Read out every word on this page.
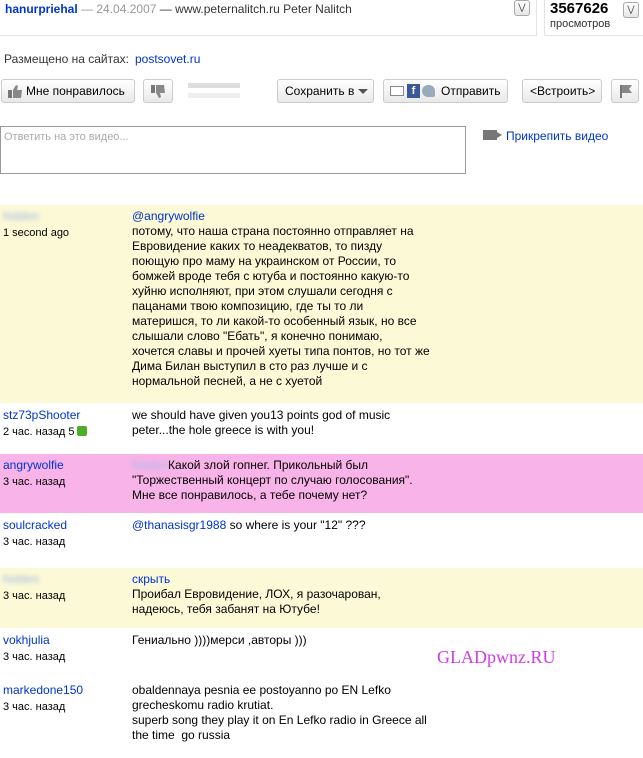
hanurpriehal — 24.04.2007 — www.peternalitch.ru Peter Nalitch	⋁ 3567626
просмотров
⋁
Размещено на сайтах: postsovet.ru
Мне понравилось	Сохранить в	f	Отправить <Встроить>
Ответить на это видео...	Прикрепить видео
hidden
1 second ago
@angrywolfie
потому, что наша страна постоянно отправляет на
Евровидение каких то неадекватов, то пизду
поющую про маму на украинском от России, то
бомжей вроде тебя с ютуба и постоянно какую-то
хуйню исполняют, при этом слушали сегодня с
пацанами твою композицию, где ты то ли
материшся, то ли какой-то особенный язык, но все
слышали слово "Ебать", я конечно понимаю,
хочется славы и прочей хуеты типа понтов, но тот же
Дима Билан выступил в сто раз лучше и с
нормальной песней, а не с хуетой
stz73pShooter
2 час. назад 5
we should have given you13 points god of music
peter...the hole greece is with you!
angrywolfie
3 час. назад
hiddenКакой злой гопнег. Прикольный был
"Торжественный концерт по случаю голосования".
Мне все понравилось, а тебе почему нет?
soulcracked
3 час. назад
@thanasisgr1988 so where is your "12" ???
hidden
3 час. назад
скрыть
Проибал Евровидение, ЛОХ, я разочарован,
надеюсь, тебя забанят на Ютубе!
vokhjulia
3 час. назад
Гениально ))))мерси ,авторы )))
markedone150
3 час. назад
obaldennaya pesnia ee postoyanno po EN Lefko
grecheskomu radio krutiat.
superb song they play it on En Lefko radio in Greece all
the time  go russia
GLADpwnz.RU
